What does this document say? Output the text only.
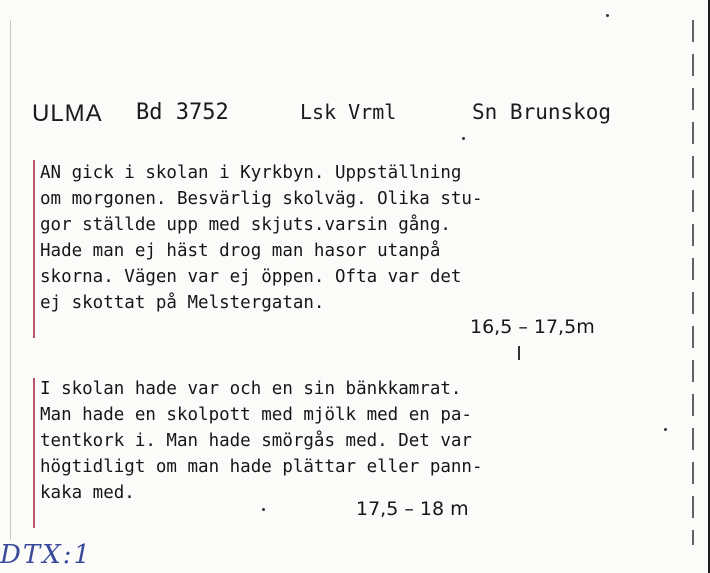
ULMA Bd 3752	Lsk Vrml	Sn Brunskog
AN gick i skolan i Kyrkbyn. Uppställning
om morgonen. Besvärlig skolväg. Olika stu-
gor ställde upp med skjuts.varsin gång.
Hade man ej häst drog man hasor utanpå
skorna. Vägen var ej öppen. Ofta var det
ej skottat på Melstergatan.
16,5 – 17,5m
I skolan hade var och en sin bänkkamrat.
Man hade en skolpott med mjölk med en pa-
tentkork i. Man hade smörgås med. Det var
högtidligt om man hade plättar eller pann-
kaka med.
17,5 – 18 m
DTX:1
